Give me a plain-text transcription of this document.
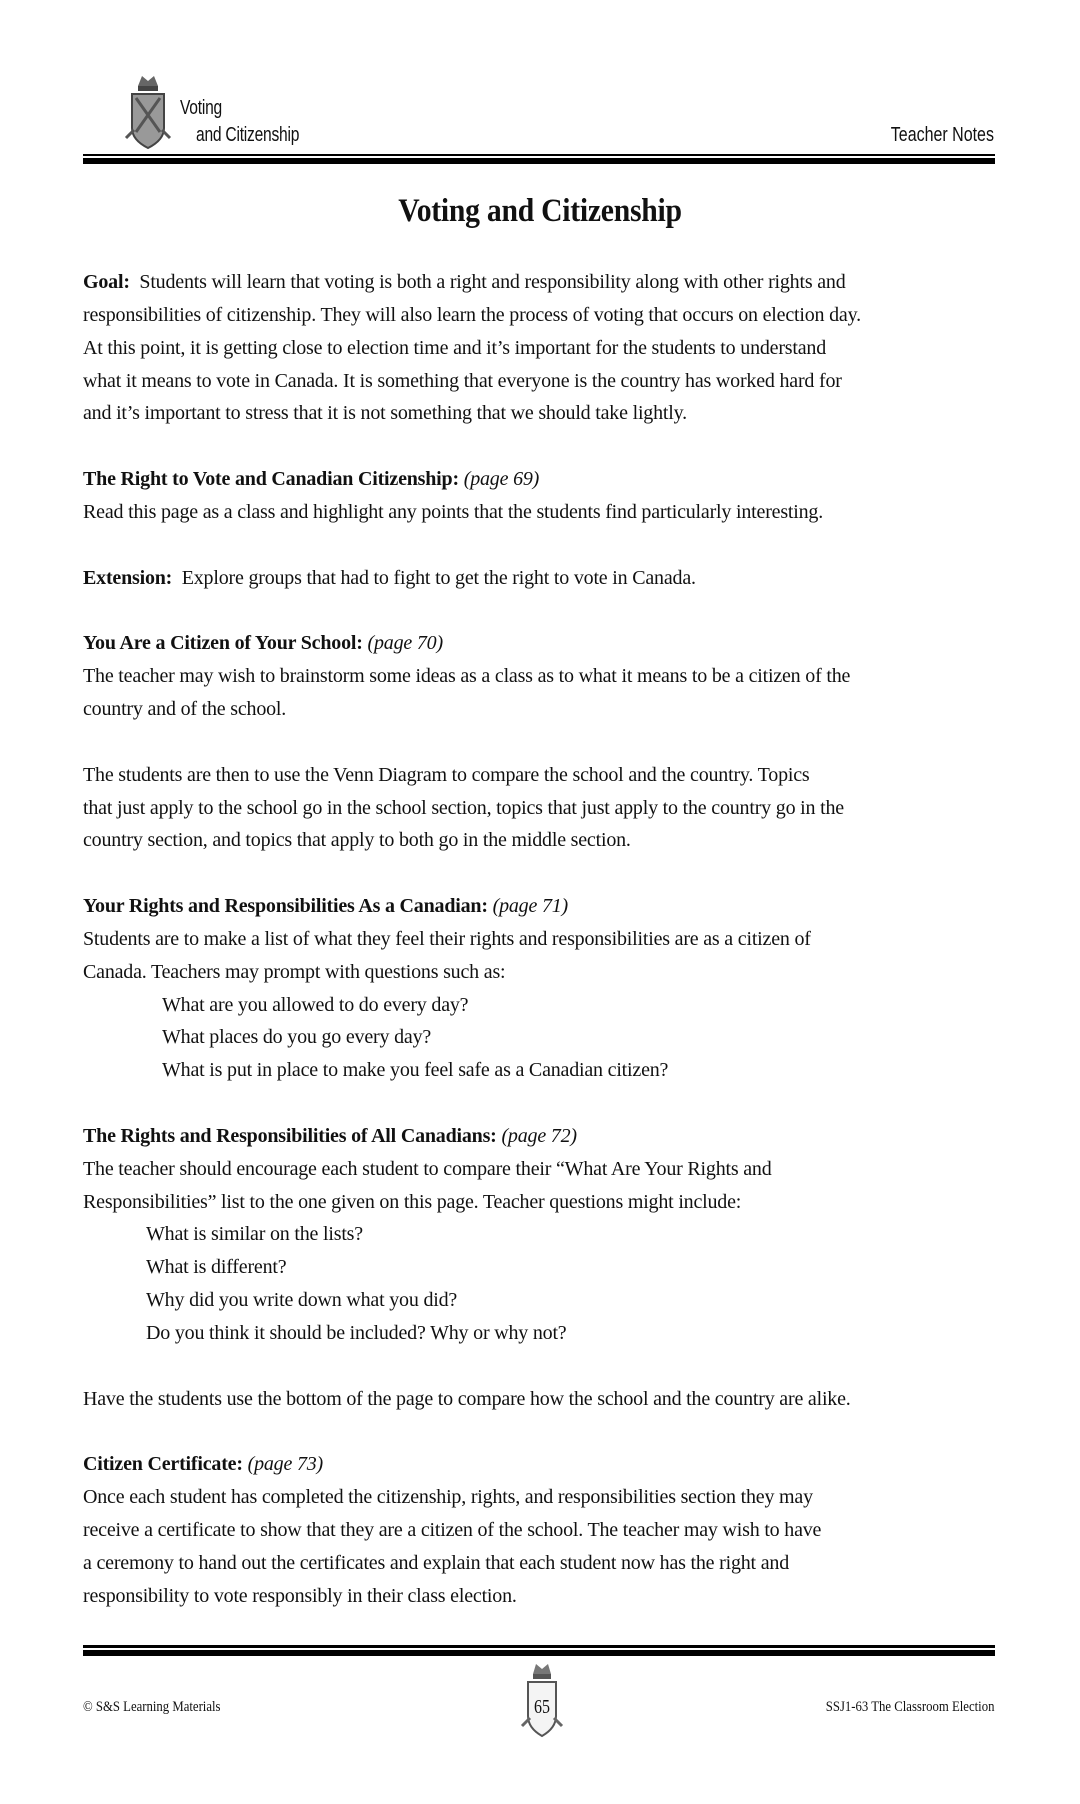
Voting
and Citizenship	Teacher Notes
Voting and Citizenship
Goal: Students will learn that voting is both a right and responsibility along with other rights and
responsibilities of citizenship. They will also learn the process of voting that occurs on election day.
At this point, it is getting close to election time and it’s important for the students to understand
what it means to vote in Canada. It is something that everyone is the country has worked hard for
and it’s important to stress that it is not something that we should take lightly.
The Right to Vote and Canadian Citizenship: (page 69)
Read this page as a class and highlight any points that the students find particularly interesting.
Extension: Explore groups that had to fight to get the right to vote in Canada.
You Are a Citizen of Your School: (page 70)
The teacher may wish to brainstorm some ideas as a class as to what it means to be a citizen of the
country and of the school.
The students are then to use the Venn Diagram to compare the school and the country. Topics
that just apply to the school go in the school section, topics that just apply to the country go in the
country section, and topics that apply to both go in the middle section.
Your Rights and Responsibilities As a Canadian: (page 71)
Students are to make a list of what they feel their rights and responsibilities are as a citizen of
Canada. Teachers may prompt with questions such as:
What are you allowed to do every day?
What places do you go every day?
What is put in place to make you feel safe as a Canadian citizen?
The Rights and Responsibilities of All Canadians: (page 72)
The teacher should encourage each student to compare their “What Are Your Rights and
Responsibilities” list to the one given on this page. Teacher questions might include:
What is similar on the lists?
What is different?
Why did you write down what you did?
Do you think it should be included? Why or why not?
Have the students use the bottom of the page to compare how the school and the country are alike.
Citizen Certificate: (page 73)
Once each student has completed the citizenship, rights, and responsibilities section they may
receive a certificate to show that they are a citizen of the school. The teacher may wish to have
a ceremony to hand out the certificates and explain that each student now has the right and
responsibility to vote responsibly in their class election.
© S&S Learning Materials	65	SSJ1-63 The Classroom Election
